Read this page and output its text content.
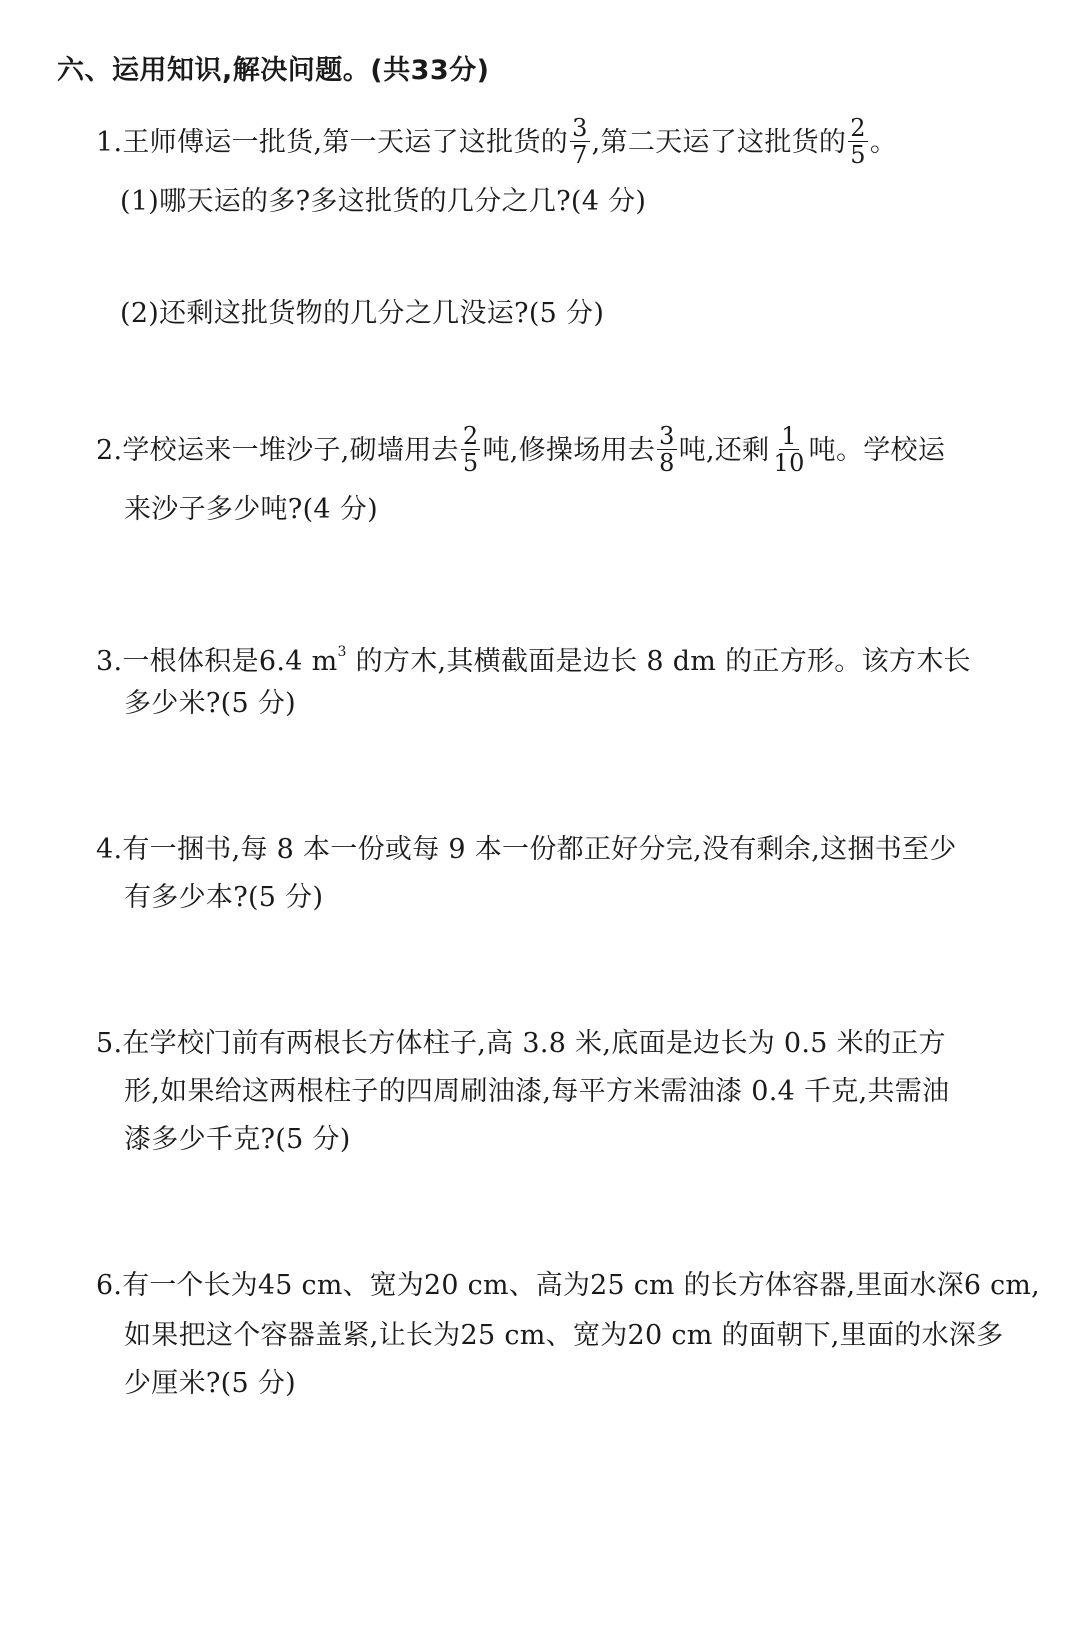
六、运用知识,解决问题。(共33分)
1.王师傅运一批货,第一天运了这批货的 $\frac{3}{7}$ ,第二天运了这批货的 $\frac{2}{5}$ 。
(1)哪天运的多?多这批货的几分之几?(4 分)
(2)还剩这批货物的几分之几没运?(5 分)
2.学校运来一堆沙子,砌墙用去 $\frac{2}{5}$ 吨,修操场用去 $\frac{3}{8}$ 吨,还剩 $\frac{1}{10}$ 吨。学校运
来沙子多少吨?(4 分)
3.一根体积是6.4 $m^3$ 的方木,其横截面是边长 8 dm 的正方形。该方木长
多少米?(5 分)
4.有一捆书,每 8 本一份或每 9 本一份都正好分完,没有剩余,这捆书至少
有多少本?(5 分)
5.在学校门前有两根长方体柱子,高 3.8 米,底面是边长为 0.5 米的正方
形,如果给这两根柱子的四周刷油漆,每平方米需油漆 0.4 千克,共需油
漆多少千克?(5 分)
6.有一个长为45 cm、宽为20 cm、高为25 cm 的长方体容器,里面水深6 cm,
如果把这个容器盖紧,让长为25 cm、宽为20 cm 的面朝下,里面的水深多
少厘米?(5 分)
